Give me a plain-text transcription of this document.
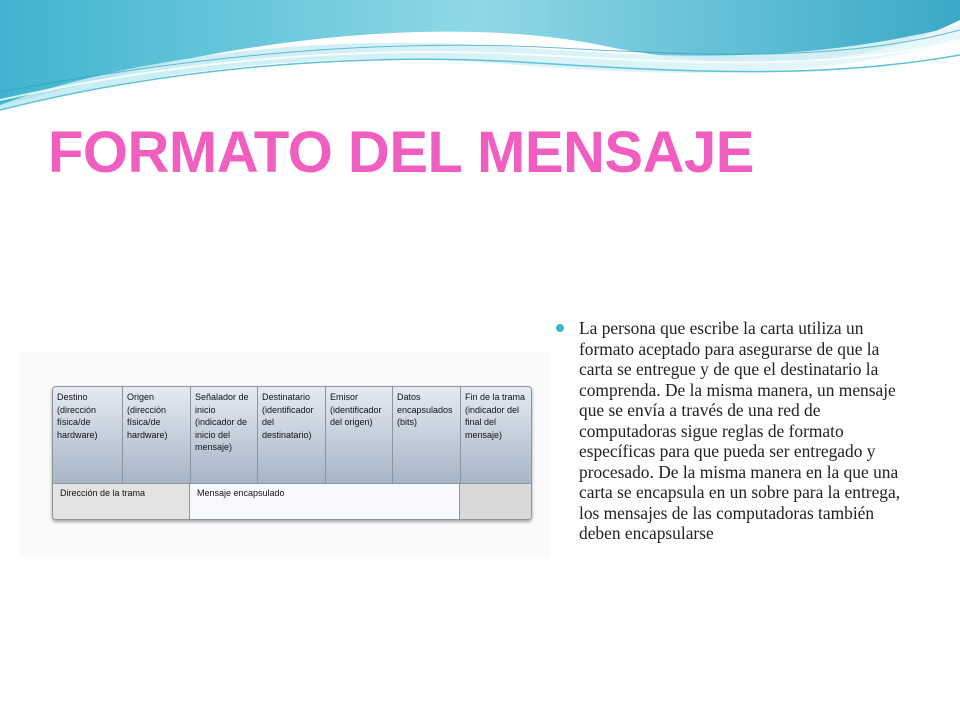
FORMATO DEL MENSAJE
Destino (dirección física/de hardware)
Origen (dirección física/de hardware)
Señalador de inicio (indicador de inicio del mensaje)
Destinatario (identificador del destinatario)
Emisor (identificador del origen)
Datos encapsulados (bits)
Fin de la trama (indicador del final del mensaje)
Dirección de la trama	Mensaje encapsulado
La persona que escribe la carta utiliza un formato aceptado para asegurarse de que la carta se entregue y de que el destinatario la comprenda. De la misma manera, un mensaje que se envía a través de una red de computadoras sigue reglas de formato específicas para que pueda ser entregado y procesado. De la misma manera en la que una carta se encapsula en un sobre para la entrega, los mensajes de las computadoras también deben encapsularse
